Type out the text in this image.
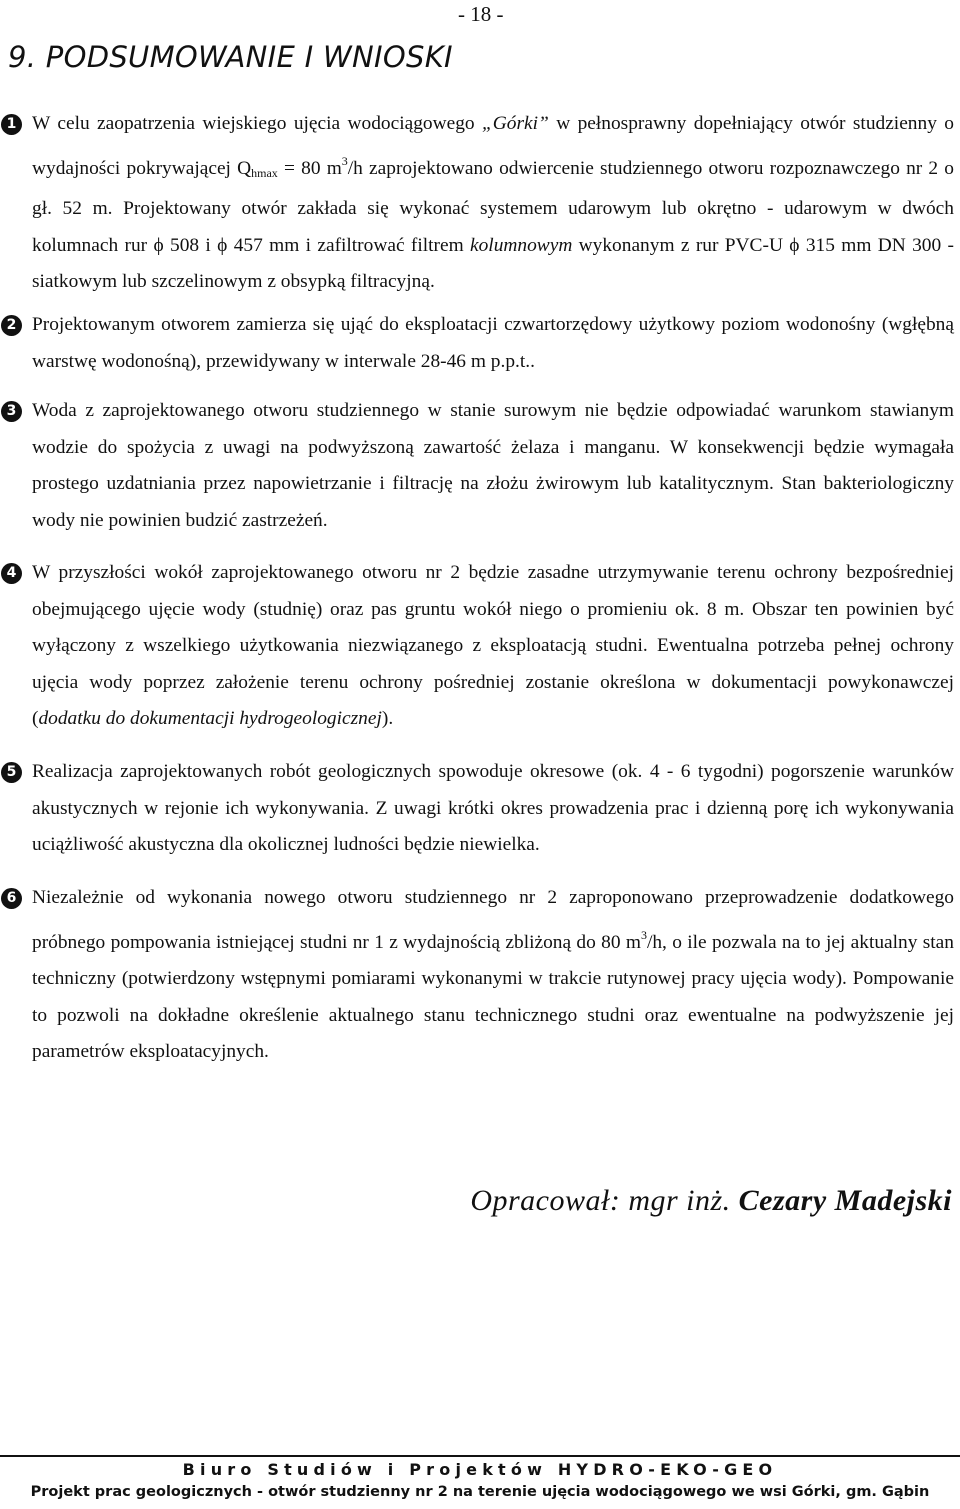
- 18 -
9. PODSUMOWANIE I WNIOSKI
1 W celu zaopatrzenia wiejskiego ujęcia wodociągowego „Górki” w pełnosprawny dopełniający otwór studzienny o wydajności pokrywającej Qhmax = 80 $m^3/h$ zaprojektowano odwiercenie studziennego otworu rozpoznawczego nr 2 o gł. 52 m. Projektowany otwór zakłada się wykonać systemem udarowym lub okrętno - udarowym w dwóch kolumnach rur ϕ 508 i ϕ 457 mm i zafiltrować filtrem kolumnowym wykonanym z rur PVC-U ϕ 315 mm DN 300 - siatkowym lub szczelinowym z obsypką filtracyjną.

2 Projektowanym otworem zamierza się ująć do eksploatacji czwartorzędowy użytkowy poziom wodonośny (wgłębną warstwę wodonośną), przewidywany w interwale 28-46 m p.p.t..

3 Woda z zaprojektowanego otworu studziennego w stanie surowym nie będzie odpowiadać warunkom stawianym wodzie do spożycia z uwagi na podwyższoną zawartość żelaza i manganu. W konsekwencji będzie wymagała prostego uzdatniania przez napowietrzanie i filtrację na złożu żwirowym lub katalitycznym. Stan bakteriologiczny wody nie powinien budzić zastrzeżeń.

4 W przyszłości wokół zaprojektowanego otworu nr 2 będzie zasadne utrzymywanie terenu ochrony bezpośredniej obejmującego ujęcie wody (studnię) oraz pas gruntu wokół niego o promieniu ok. 8 m. Obszar ten powinien być wyłączony z wszelkiego użytkowania niezwiązanego z eksploatacją studni. Ewentualna potrzeba pełnej ochrony ujęcia wody poprzez założenie terenu ochrony pośredniej zostanie określona w dokumentacji powykonawczej (dodatku do dokumentacji hydrogeologicznej).

5 Realizacja zaprojektowanych robót geologicznych spowoduje okresowe (ok. 4 - 6 tygodni) pogorszenie warunków akustycznych w rejonie ich wykonywania. Z uwagi krótki okres prowadzenia prac i dzienną porę ich wykonywania uciążliwość akustyczna dla okolicznej ludności będzie niewielka.

6 Niezależnie od wykonania nowego otworu studziennego nr 2 zaproponowano przeprowadzenie dodatkowego próbnego pompowania istniejącej studni nr 1 z wydajnością zbliżoną do 80 $m^3/h$, o ile pozwala na to jej aktualny stan techniczny (potwierdzony wstępnymi pomiarami wykonanymi w trakcie rutynowej pracy ujęcia wody). Pompowanie to pozwoli na dokładne określenie aktualnego stanu technicznego studni oraz ewentualne na podwyższenie jej parametrów eksploatacyjnych.

Opracował: mgr inż. Cezary Madejski
Biuro Studiów i Projektów HYDRO-EKO-GEO
Projekt prac geologicznych - otwór studzienny nr 2 na terenie ujęcia wodociągowego we wsi Górki, gm. Gąbin
